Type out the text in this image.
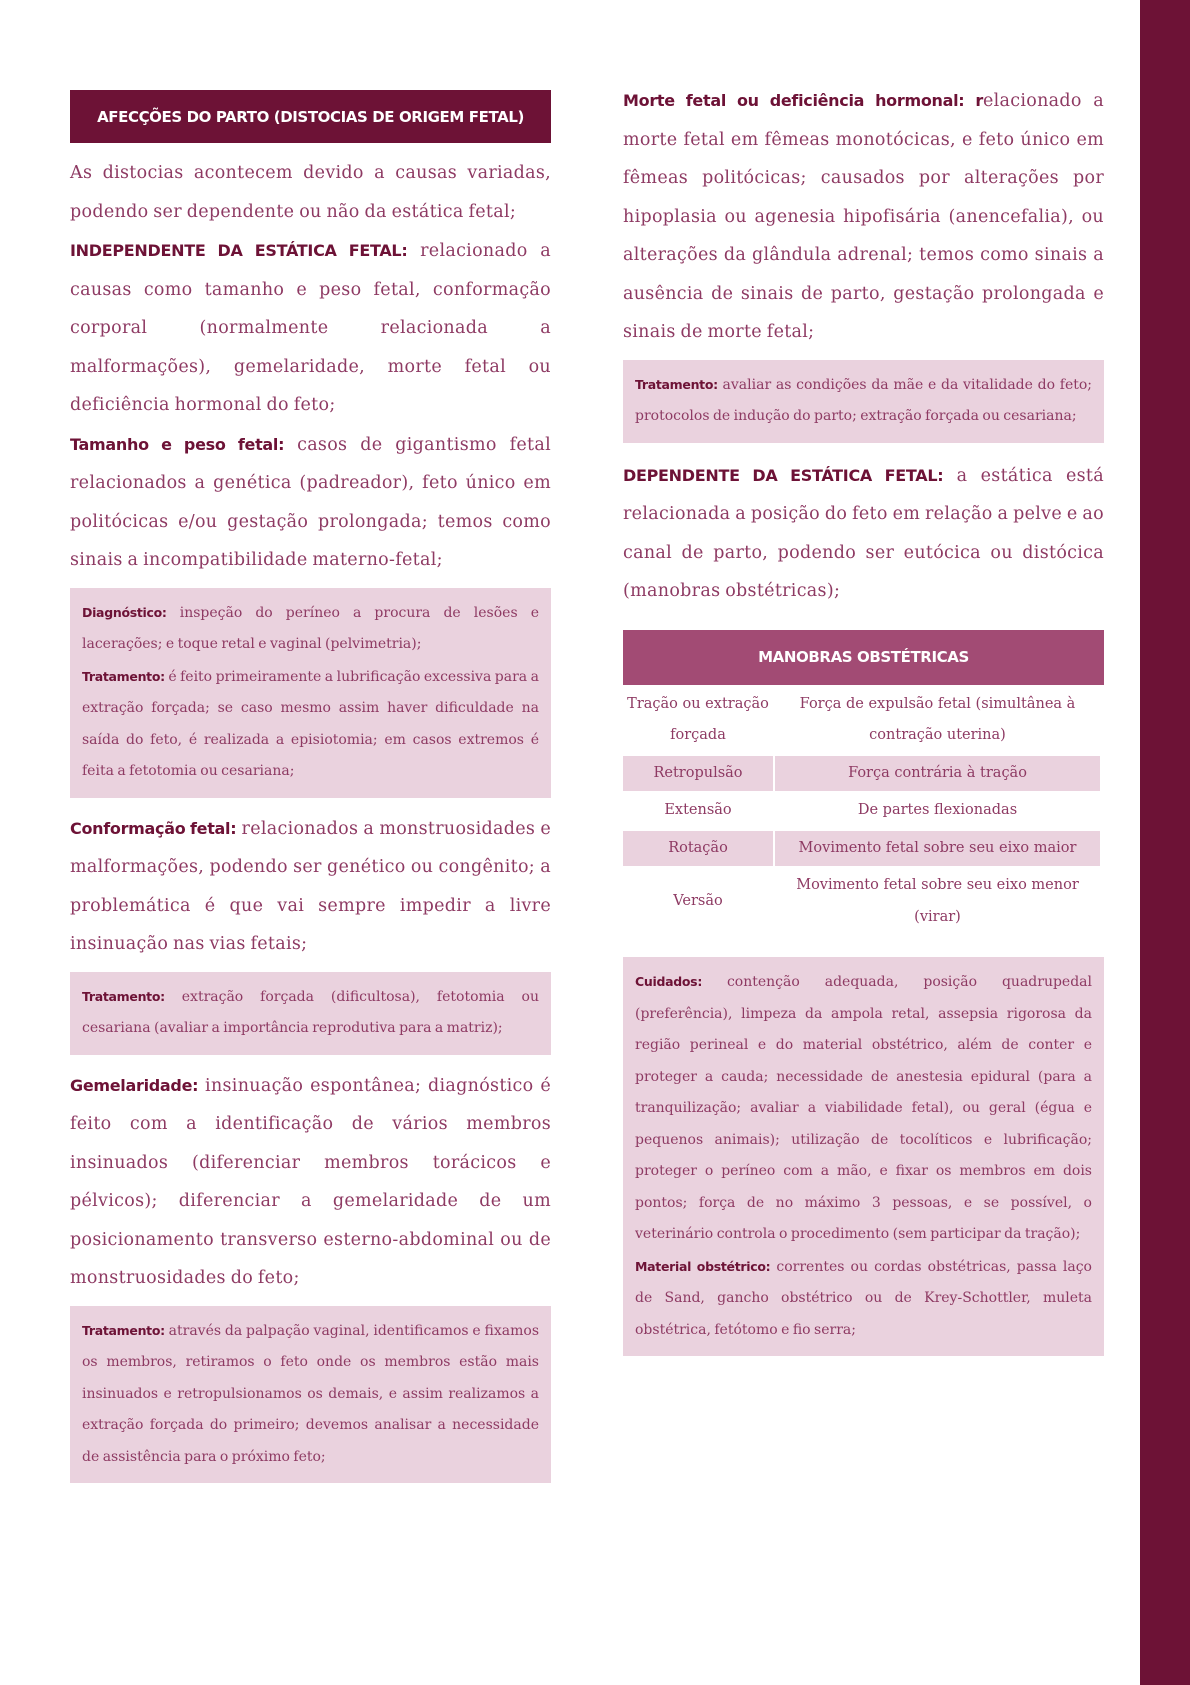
AFECÇÕES DO PARTO (DISTOCIAS DE ORIGEM FETAL)

As distocias acontecem devido a causas variadas, podendo ser dependente ou não da estática fetal;

INDEPENDENTE DA ESTÁTICA FETAL: relacionado a causas como tamanho e peso fetal, conformação corporal (normalmente relacionada a malformações), gemelaridade, morte fetal ou deficiência hormonal do feto;

Tamanho e peso fetal: casos de gigantismo fetal relacionados a genética (padreador), feto único em politócicas e/ou gestação prolongada; temos como sinais a incompatibilidade materno-fetal;

Diagnóstico: inspeção do períneo a procura de lesões e lacerações; e toque retal e vaginal (pelvimetria);

Tratamento: é feito primeiramente a lubrificação excessiva para a extração forçada; se caso mesmo assim haver dificuldade na saída do feto, é realizada a episiotomia; em casos extremos é feita a fetotomia ou cesariana;

Conformação fetal: relacionados a monstruosidades e malformações, podendo ser genético ou congênito; a problemática é que vai sempre impedir a livre insinuação nas vias fetais;

Tratamento: extração forçada (dificultosa), fetotomia ou cesariana (avaliar a importância reprodutiva para a matriz);

Gemelaridade: insinuação espontânea; diagnóstico é feito com a identificação de vários membros insinuados (diferenciar membros torácicos e pélvicos); diferenciar a gemelaridade de um posicionamento transverso esterno-abdominal ou de monstruosidades do feto;

Tratamento: através da palpação vaginal, identificamos e fixamos os membros, retiramos o feto onde os membros estão mais insinuados e retropulsionamos os demais, e assim realizamos a extração forçada do primeiro; devemos analisar a necessidade de assistência para o próximo feto;

Morte fetal ou deficiência hormonal: relacionado a morte fetal em fêmeas monotócicas, e feto único em fêmeas politócicas; causados por alterações por hipoplasia ou agenesia hipofisária (anencefalia), ou alterações da glândula adrenal; temos como sinais a ausência de sinais de parto, gestação prolongada e sinais de morte fetal;

Tratamento: avaliar as condições da mãe e da vitalidade do feto; protocolos de indução do parto; extração forçada ou cesariana;

DEPENDENTE DA ESTÁTICA FETAL: a estática está relacionada a posição do feto em relação a pelve e ao canal de parto, podendo ser eutócica ou distócica (manobras obstétricas);

MANOBRAS OBSTÉTRICAS
Tração ou extração forçada	Força de expulsão fetal (simultânea à contração uterina)
Retropulsão	Força contrária à tração
Extensão	De partes flexionadas
Rotação	Movimento fetal sobre seu eixo maior
Versão	Movimento fetal sobre seu eixo menor (virar)

Cuidados: contenção adequada, posição quadrupedal (preferência), limpeza da ampola retal, assepsia rigorosa da região perineal e do material obstétrico, além de conter e proteger a cauda; necessidade de anestesia epidural (para a tranquilização; avaliar a viabilidade fetal), ou geral (égua e pequenos animais); utilização de tocolíticos e lubrificação; proteger o períneo com a mão, e fixar os membros em dois pontos; força de no máximo 3 pessoas, e se possível, o veterinário controla o procedimento (sem participar da tração);

Material obstétrico: correntes ou cordas obstétricas, passa laço de Sand, gancho obstétrico ou de Krey-Schottler, muleta obstétrica, fetótomo e fio serra;
